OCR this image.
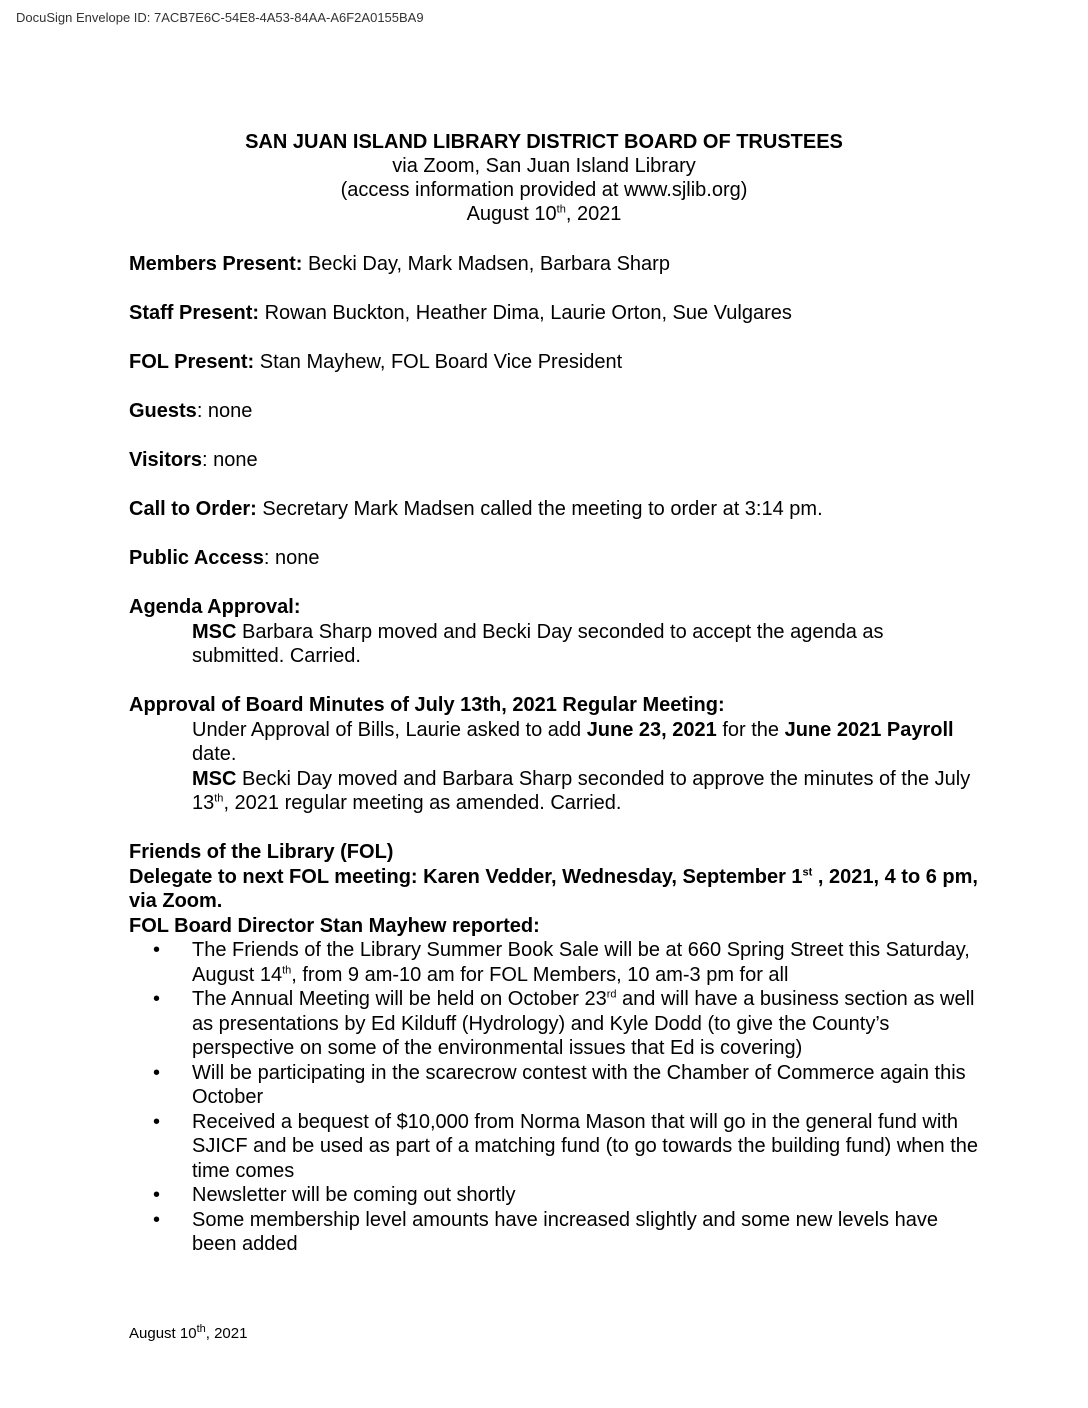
DocuSign Envelope ID: 7ACB7E6C-54E8-4A53-84AA-A6F2A0155BA9
SAN JUAN ISLAND LIBRARY DISTRICT BOARD OF TRUSTEES
via Zoom, San Juan Island Library
(access information provided at www.sjlib.org)
August 10th, 2021

Members Present: Becki Day, Mark Madsen, Barbara Sharp

Staff Present: Rowan Buckton, Heather Dima, Laurie Orton, Sue Vulgares

FOL Present: Stan Mayhew, FOL Board Vice President

Guests: none

Visitors: none

Call to Order: Secretary Mark Madsen called the meeting to order at 3:14 pm.

Public Access: none

Agenda Approval:
MSC Barbara Sharp moved and Becki Day seconded to accept the agenda as submitted. Carried.
Approval of Board Minutes of July 13th, 2021 Regular Meeting:
Under Approval of Bills, Laurie asked to add June 23, 2021 for the June 2021 Payroll date.
MSC Becki Day moved and Barbara Sharp seconded to approve the minutes of the July 13th, 2021 regular meeting as amended. Carried.
Friends of the Library (FOL)
Delegate to next FOL meeting: Karen Vedder, Wednesday, September 1st , 2021, 4 to 6 pm, via Zoom.
FOL Board Director Stan Mayhew reported:
• The Friends of the Library Summer Book Sale will be at 660 Spring Street this Saturday, August 14th, from 9 am-10 am for FOL Members, 10 am-3 pm for all
• The Annual Meeting will be held on October 23rd and will have a business section as well as presentations by Ed Kilduff (Hydrology) and Kyle Dodd (to give the County’s perspective on some of the environmental issues that Ed is covering)
• Will be participating in the scarecrow contest with the Chamber of Commerce again this October
• Received a bequest of $10,000 from Norma Mason that will go in the general fund with SJICF and be used as part of a matching fund (to go towards the building fund) when the time comes
• Newsletter will be coming out shortly
• Some membership level amounts have increased slightly and some new levels have been added
August 10th, 2021
